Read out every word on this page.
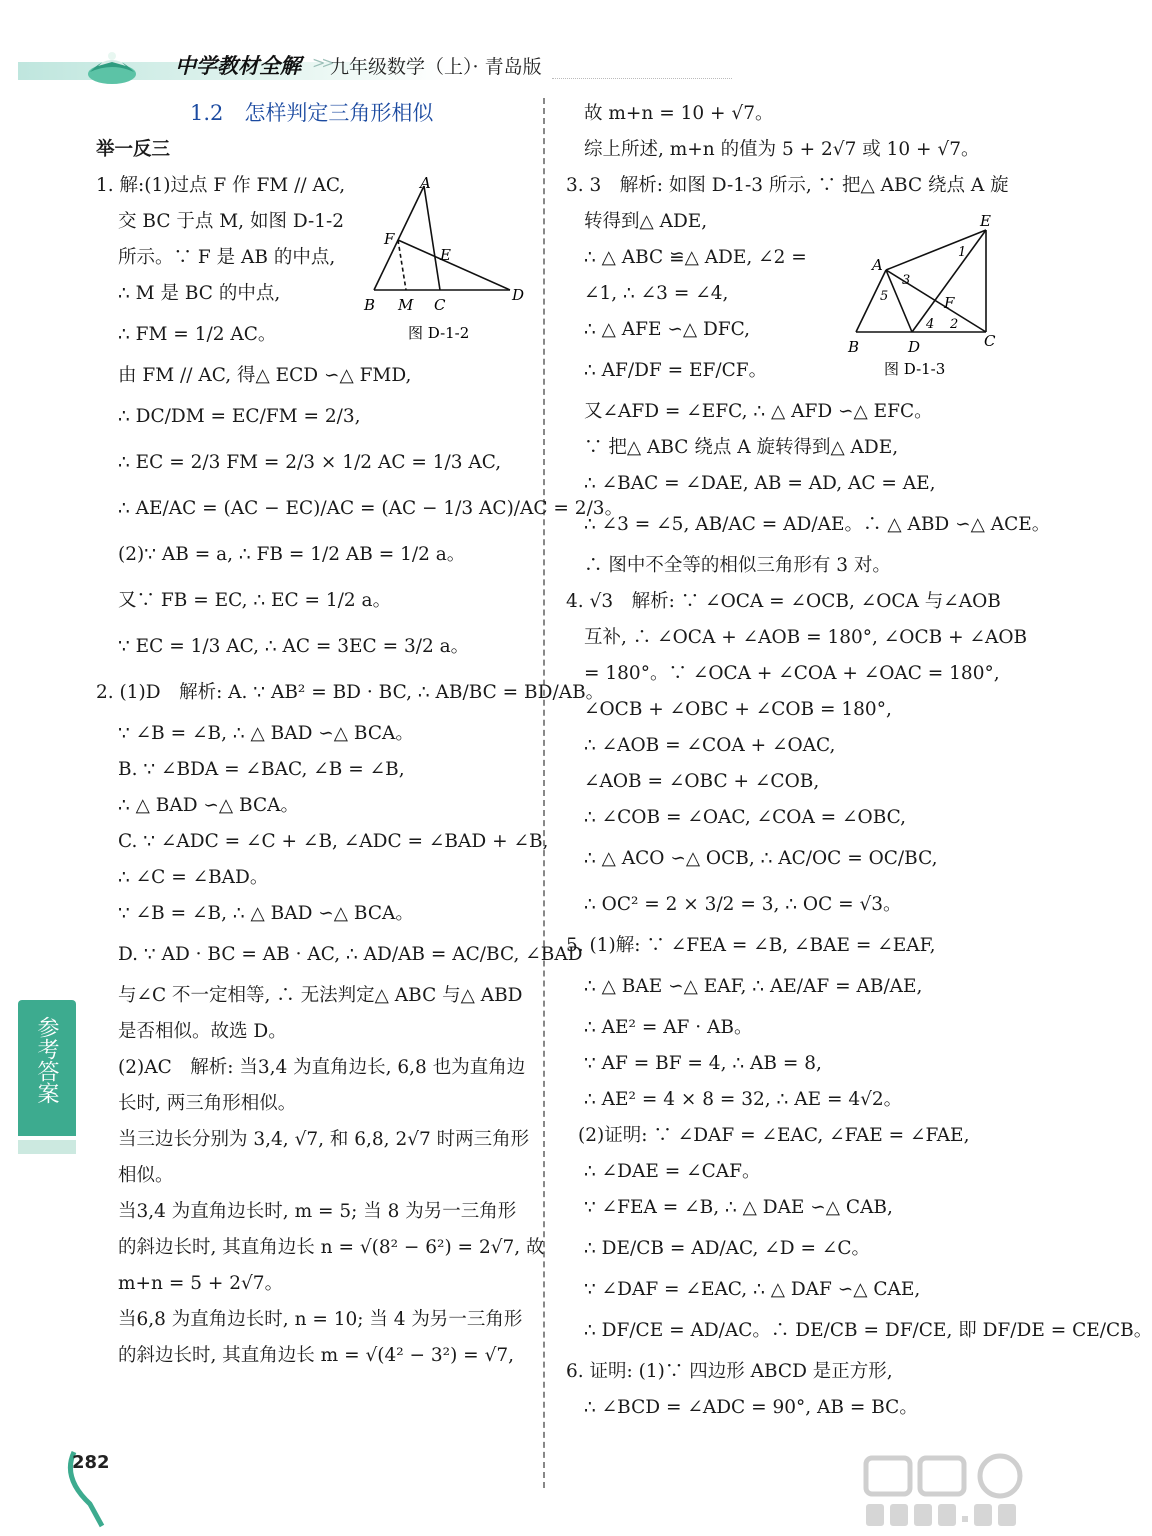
中学教材全解 >> 九年级数学（上）· 青岛版
1.2　怎样判定三角形相似
举一反三
1. 解:(1)过点 F 作 FM // AC,
交 BC 于点 M, 如图 D-1-2
所示。∵ F 是 AB 的中点,
∴ M 是 BC 的中点,
∴ FM = 1/2 AC。
由 FM // AC, 得△ ECD ∽△ FMD,
∴ DC/DM = EC/FM = 2/3,
∴ EC = 2/3 FM = 2/3 × 1/2 AC = 1/3 AC,
∴ AE/AC = (AC − EC)/AC = (AC − 1/3 AC)/AC = 2/3。
(2)∵ AB = a, ∴ FB = 1/2 AB = 1/2 a。
又∵ FB = EC, ∴ EC = 1/2 a。
∵ EC = 1/3 AC, ∴ AC = 3EC = 3/2 a。
2. (1)D　解析: A. ∵ AB² = BD · BC, ∴ AB/BC = BD/AB。
∵ ∠B = ∠B, ∴ △ BAD ∽△ BCA。
B. ∵ ∠BDA = ∠BAC, ∠B = ∠B,
∴ △ BAD ∽△ BCA。
C. ∵ ∠ADC = ∠C + ∠B, ∠ADC = ∠BAD + ∠B,
∴ ∠C = ∠BAD。
∵ ∠B = ∠B, ∴ △ BAD ∽△ BCA。
D. ∵ AD · BC = AB · AC, ∴ AD/AB = AC/BC, ∠BAD
与∠C 不一定相等, ∴ 无法判定△ ABC 与△ ABD
是否相似。故选 D。
(2)AC　解析: 当3,4 为直角边长, 6,8 也为直角边
长时, 两三角形相似。
当三边长分别为 3,4, √7, 和 6,8, 2√7 时两三角形
相似。
当3,4 为直角边长时, m = 5; 当 8 为另一三角形
的斜边长时, 其直角边长 n = √(8² − 6²) = 2√7, 故
m+n = 5 + 2√7。
当6,8 为直角边长时, n = 10; 当 4 为另一三角形
的斜边长时, 其直角边长 m = √(4² − 3²) = √7,
A
F
E
B M C
D
图 D-1-2
故 m+n = 10 + √7。
综上所述, m+n 的值为 5 + 2√7 或 10 + √7。
3. 3　解析: 如图 D-1-3 所示, ∵ 把△ ABC 绕点 A 旋
转得到△ ADE,
∴ △ ABC ≌△ ADE, ∠2 =
∠1, ∴ ∠3 = ∠4,
∴ △ AFE ∽△ DFC,
∴ AF/DF = EF/CF。
又∠AFD = ∠EFC, ∴ △ AFD ∽△ EFC。
∵ 把△ ABC 绕点 A 旋转得到△ ADE,
∴ ∠BAC = ∠DAE, AB = AD, AC = AE,
∴ ∠3 = ∠5, AB/AC = AD/AE。∴ △ ABD ∽△ ACE。
∴ 图中不全等的相似三角形有 3 对。
4. √3　解析: ∵ ∠OCA = ∠OCB, ∠OCA 与∠AOB
互补, ∴ ∠OCA + ∠AOB = 180°, ∠OCB + ∠AOB
= 180°。∵ ∠OCA + ∠COA + ∠OAC = 180°,
∠OCB + ∠OBC + ∠COB = 180°,
∴ ∠AOB = ∠COA + ∠OAC,
∠AOB = ∠OBC + ∠COB,
∴ ∠COB = ∠OAC, ∠COA = ∠OBC,
∴ △ ACO ∽△ OCB, ∴ AC/OC = OC/BC,
∴ OC² = 2 × 3/2 = 3, ∴ OC = √3。
5. (1)解: ∵ ∠FEA = ∠B, ∠BAE = ∠EAF,
∴ △ BAE ∽△ EAF, ∴ AE/AF = AB/AE,
∴ AE² = AF · AB。
∵ AF = BF = 4, ∴ AB = 8,
∴ AE² = 4 × 8 = 32, ∴ AE = 4√2。
(2)证明: ∵ ∠DAF = ∠EAC, ∠FAE = ∠FAE,
∴ ∠DAE = ∠CAF。
∵ ∠FEA = ∠B, ∴ △ DAE ∽△ CAB,
∴ DE/CB = AD/AC, ∠D = ∠C。
∵ ∠DAF = ∠EAC, ∴ △ DAF ∽△ CAE,
∴ DF/CE = AD/AC。∴ DE/CB = DF/CE, 即 DF/DE = CE/CB。
6. 证明: (1)∵ 四边形 ABCD 是正方形,
∴ ∠BCD = ∠ADC = 90°, AB = BC。
E
A
1
3
5	F
4 2
B	D	C
图 D-1-3
参考答案
282
